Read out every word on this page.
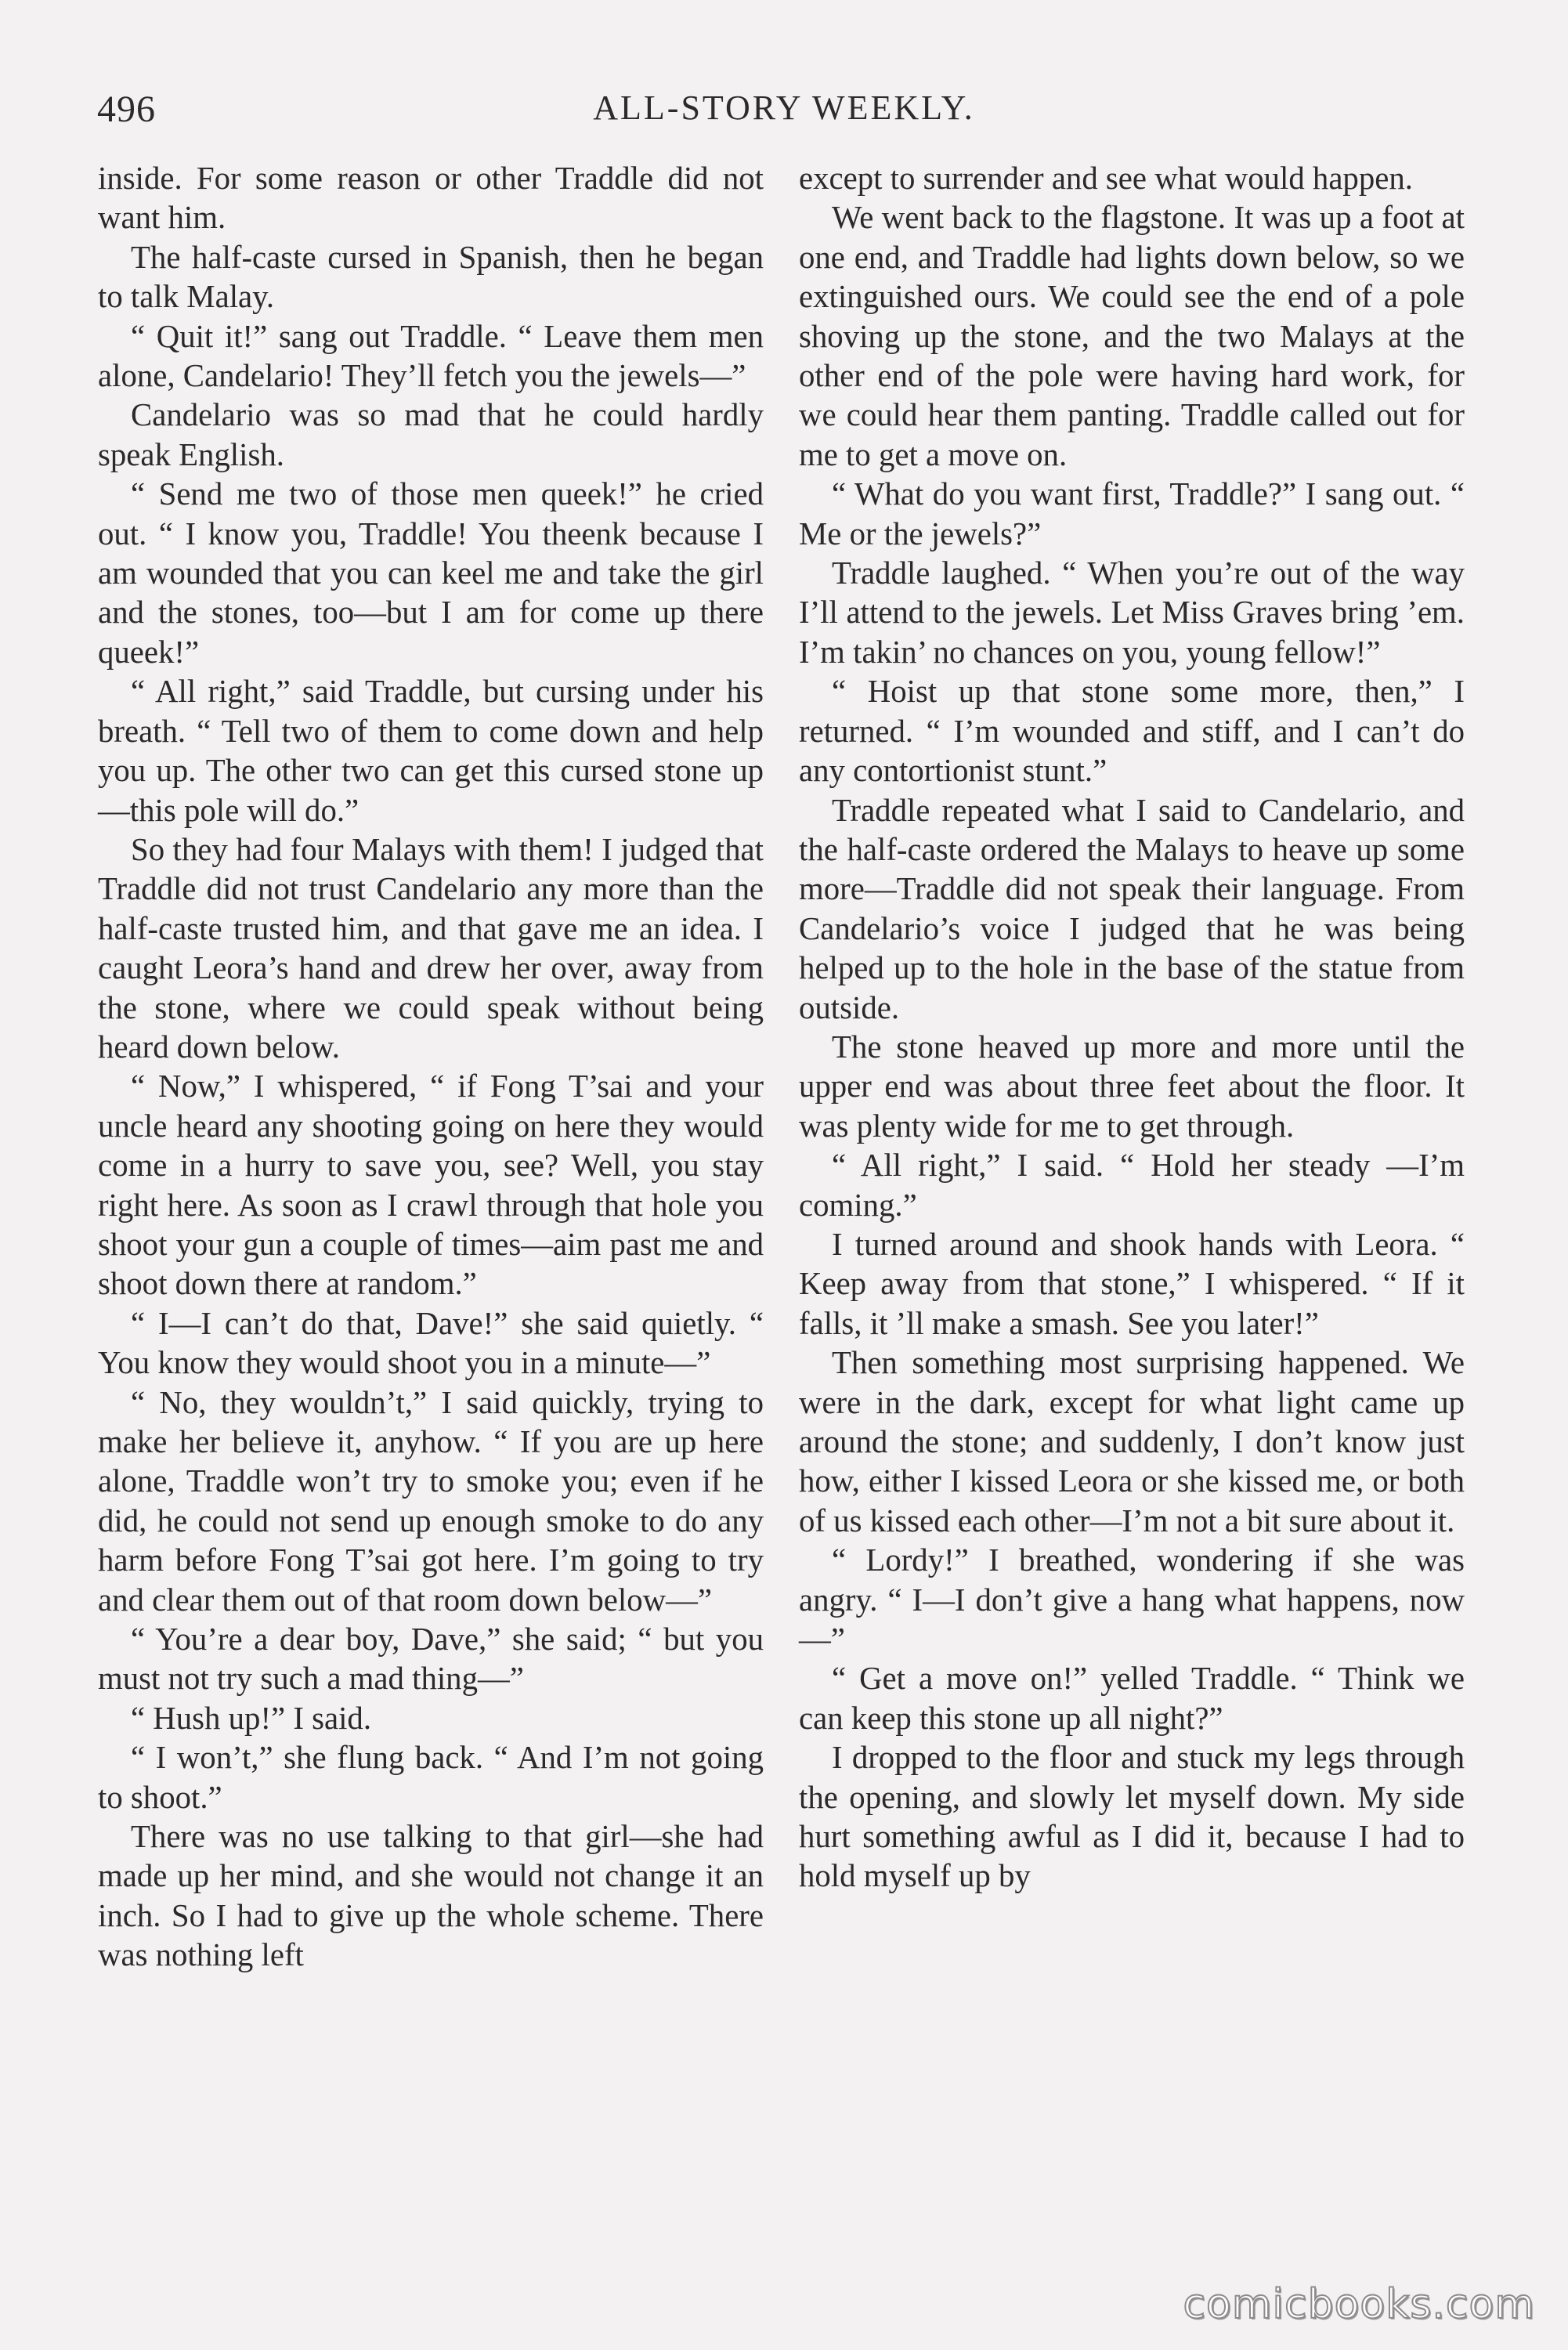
496	ALL-STORY WEEKLY.

inside. For some reason or other Traddle did not want him.

The half-caste cursed in Spanish, then he began to talk Malay.

“ Quit it!” sang out Traddle. “ Leave them men alone, Candelario! They’ll fetch you the jewels—”

Candelario was so mad that he could hardly speak English.

“ Send me two of those men queek!” he cried out. “ I know you, Traddle! You theenk because I am wounded that you can keel me and take the girl and the stones, too—but I am for come up there queek!”

“ All right,” said Traddle, but cursing under his breath. “ Tell two of them to come down and help you up. The other two can get this cursed stone up—this pole will do.”

So they had four Malays with them! I judged that Traddle did not trust Candelario any more than the half-caste trusted him, and that gave me an idea. I caught Leora’s hand and drew her over, away from the stone, where we could speak without being heard down below.

“ Now,” I whispered, “ if Fong T’sai and your uncle heard any shooting going on here they would come in a hurry to save you, see? Well, you stay right here. As soon as I crawl through that hole you shoot your gun a couple of times—aim past me and shoot down there at random.”

“ I—I can’t do that, Dave!” she said quietly. “ You know they would shoot you in a minute—”

“ No, they wouldn’t,” I said quickly, trying to make her believe it, anyhow. “ If you are up here alone, Traddle won’t try to smoke you; even if he did, he could not send up enough smoke to do any harm before Fong T’sai got here. I’m going to try and clear them out of that room down below—”

“ You’re a dear boy, Dave,” she said; “ but you must not try such a mad thing—”

“ Hush up!” I said.

“ I won’t,” she flung back. “ And I’m not going to shoot.”

There was no use talking to that girl—she had made up her mind, and she would not change it an inch. So I had to give up the whole scheme. There was nothing left

except to surrender and see what would happen.

We went back to the flagstone. It was up a foot at one end, and Traddle had lights down below, so we extinguished ours. We could see the end of a pole shoving up the stone, and the two Malays at the other end of the pole were having hard work, for we could hear them panting. Traddle called out for me to get a move on.

“ What do you want first, Traddle?” I sang out. “ Me or the jewels?”

Traddle laughed. “ When you’re out of the way I’ll attend to the jewels. Let Miss Graves bring ’em. I’m takin’ no chances on you, young fellow!”

“ Hoist up that stone some more, then,” I returned. “ I’m wounded and stiff, and I can’t do any contortionist stunt.”

Traddle repeated what I said to Candelario, and the half-caste ordered the Malays to heave up some more—Traddle did not speak their language. From Candelario’s voice I judged that he was being helped up to the hole in the base of the statue from outside.

The stone heaved up more and more until the upper end was about three feet about the floor. It was plenty wide for me to get through.

“ All right,” I said. “ Hold her steady —I’m coming.”

I turned around and shook hands with Leora. “ Keep away from that stone,” I whispered. “ If it falls, it ’ll make a smash. See you later!”

Then something most surprising happened. We were in the dark, except for what light came up around the stone; and suddenly, I don’t know just how, either I kissed Leora or she kissed me, or both of us kissed each other—I’m not a bit sure about it.

“ Lordy!” I breathed, wondering if she was angry. “ I—I don’t give a hang what happens, now—”

“ Get a move on!” yelled Traddle. “ Think we can keep this stone up all night?”

I dropped to the floor and stuck my legs through the opening, and slowly let myself down. My side hurt something awful as I did it, because I had to hold myself up by

comicbooks.com
